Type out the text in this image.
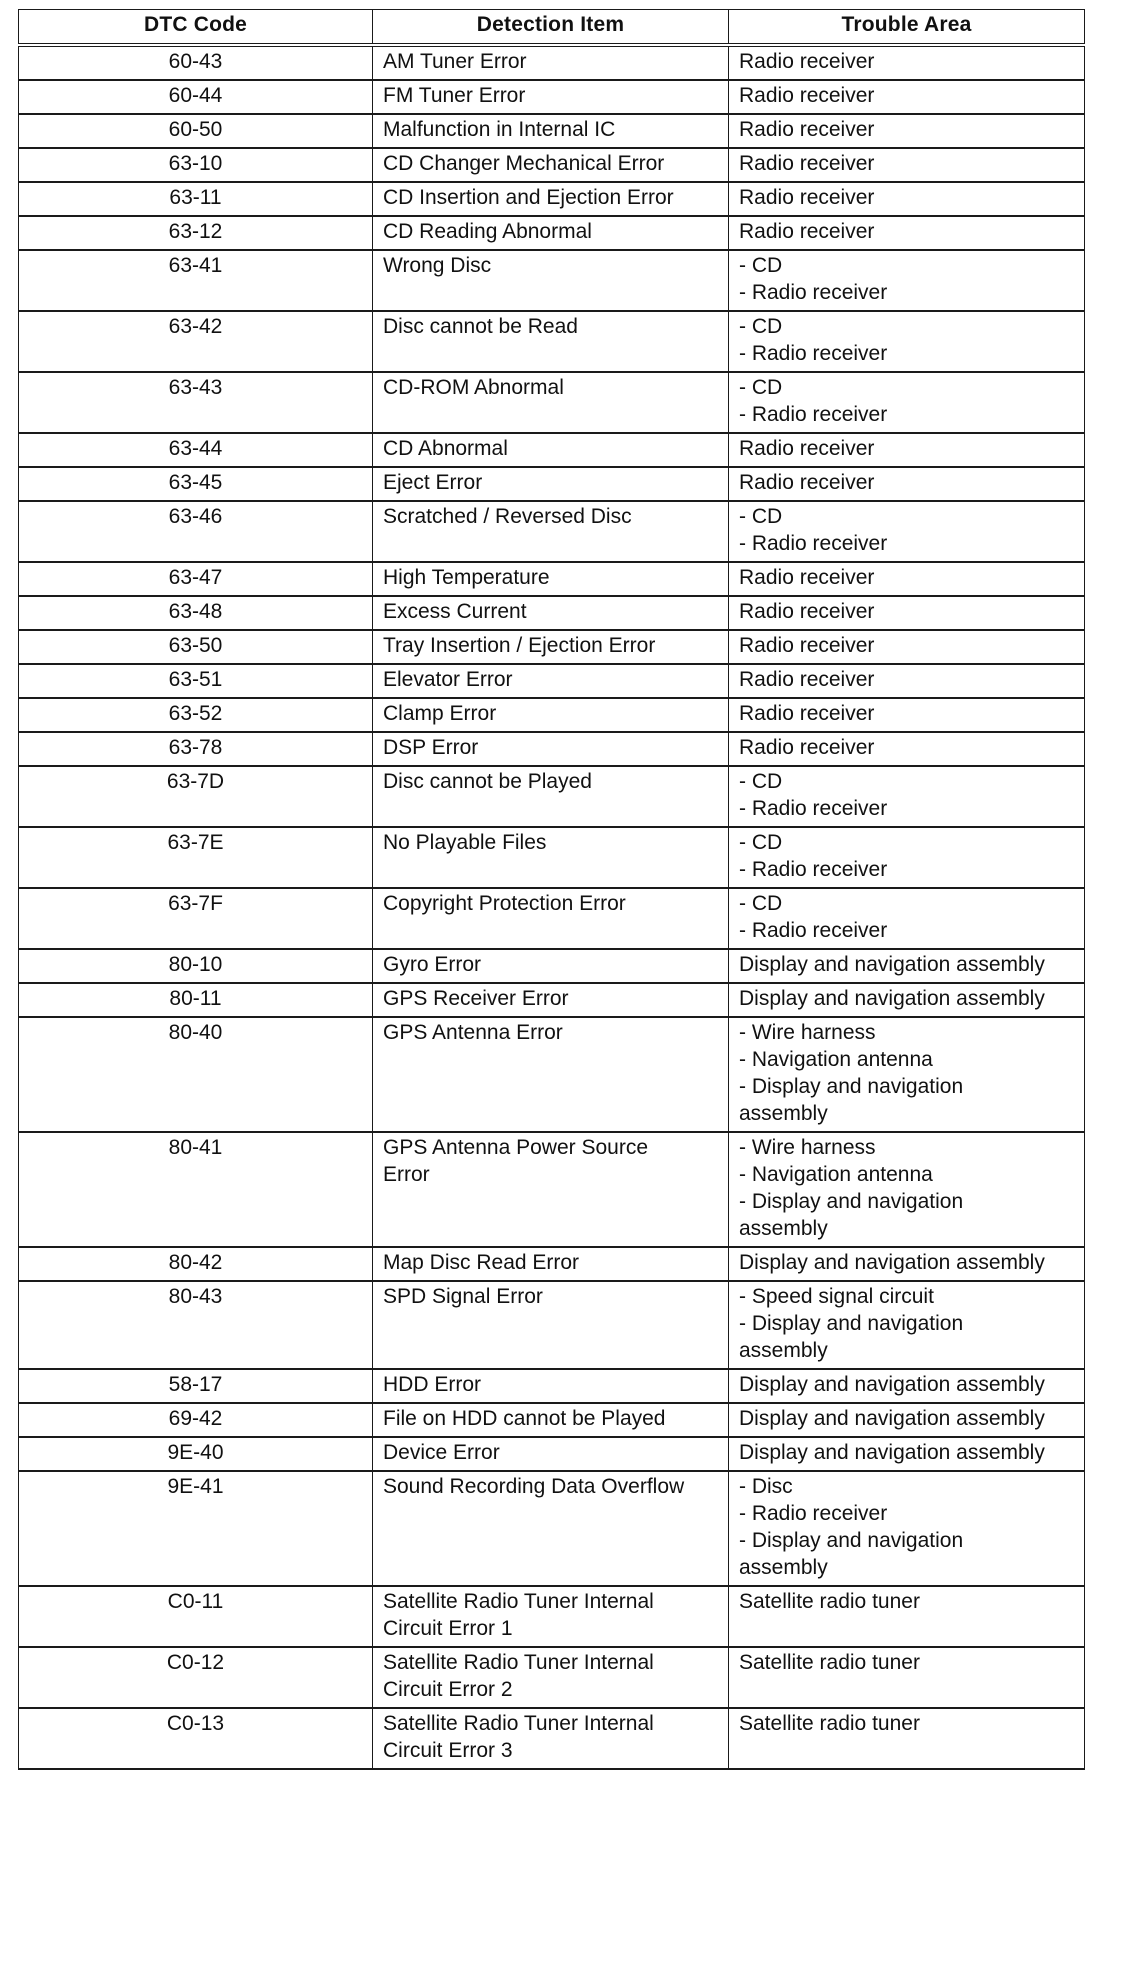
DTC Code	Detection Item	Trouble Area
60-43	AM Tuner Error	Radio receiver

60-44	FM Tuner Error	Radio receiver

60-50	Malfunction in Internal IC	Radio receiver

63-10	CD Changer Mechanical Error	Radio receiver

63-11	CD Insertion and Ejection Error	Radio receiver

63-12	CD Reading Abnormal	Radio receiver

63-41	Wrong Disc	- CD
- Radio receiver

63-42	Disc cannot be Read	- CD
- Radio receiver

63-43	CD-ROM Abnormal	- CD
- Radio receiver

63-44	CD Abnormal	Radio receiver

63-45	Eject Error	Radio receiver

63-46	Scratched / Reversed Disc	- CD
- Radio receiver

63-47	High Temperature	Radio receiver

63-48	Excess Current	Radio receiver

63-50	Tray Insertion / Ejection Error	Radio receiver

63-51	Elevator Error	Radio receiver

63-52	Clamp Error	Radio receiver

63-78	DSP Error	Radio receiver

63-7D	Disc cannot be Played	- CD
- Radio receiver

63-7E	No Playable Files	- CD
- Radio receiver

63-7F	Copyright Protection Error	- CD
- Radio receiver

80-10	Gyro Error	Display and navigation assembly

80-11	GPS Receiver Error	Display and navigation assembly

80-40	GPS Antenna Error	- Wire harness
- Navigation antenna
- Display and navigation
assembly

80-41	GPS Antenna Power Source
Error	- Wire harness
- Navigation antenna
- Display and navigation
assembly

80-42	Map Disc Read Error	Display and navigation assembly

80-43	SPD Signal Error	- Speed signal circuit
- Display and navigation
assembly

58-17	HDD Error	Display and navigation assembly

69-42	File on HDD cannot be Played	Display and navigation assembly

9E-40	Device Error	Display and navigation assembly

9E-41	Sound Recording Data Overflow	- Disc
- Radio receiver
- Display and navigation
assembly

C0-11	Satellite Radio Tuner Internal
Circuit Error 1	Satellite radio tuner

C0-12	Satellite Radio Tuner Internal
Circuit Error 2	Satellite radio tuner

C0-13	Satellite Radio Tuner Internal
Circuit Error 3	Satellite radio tuner
